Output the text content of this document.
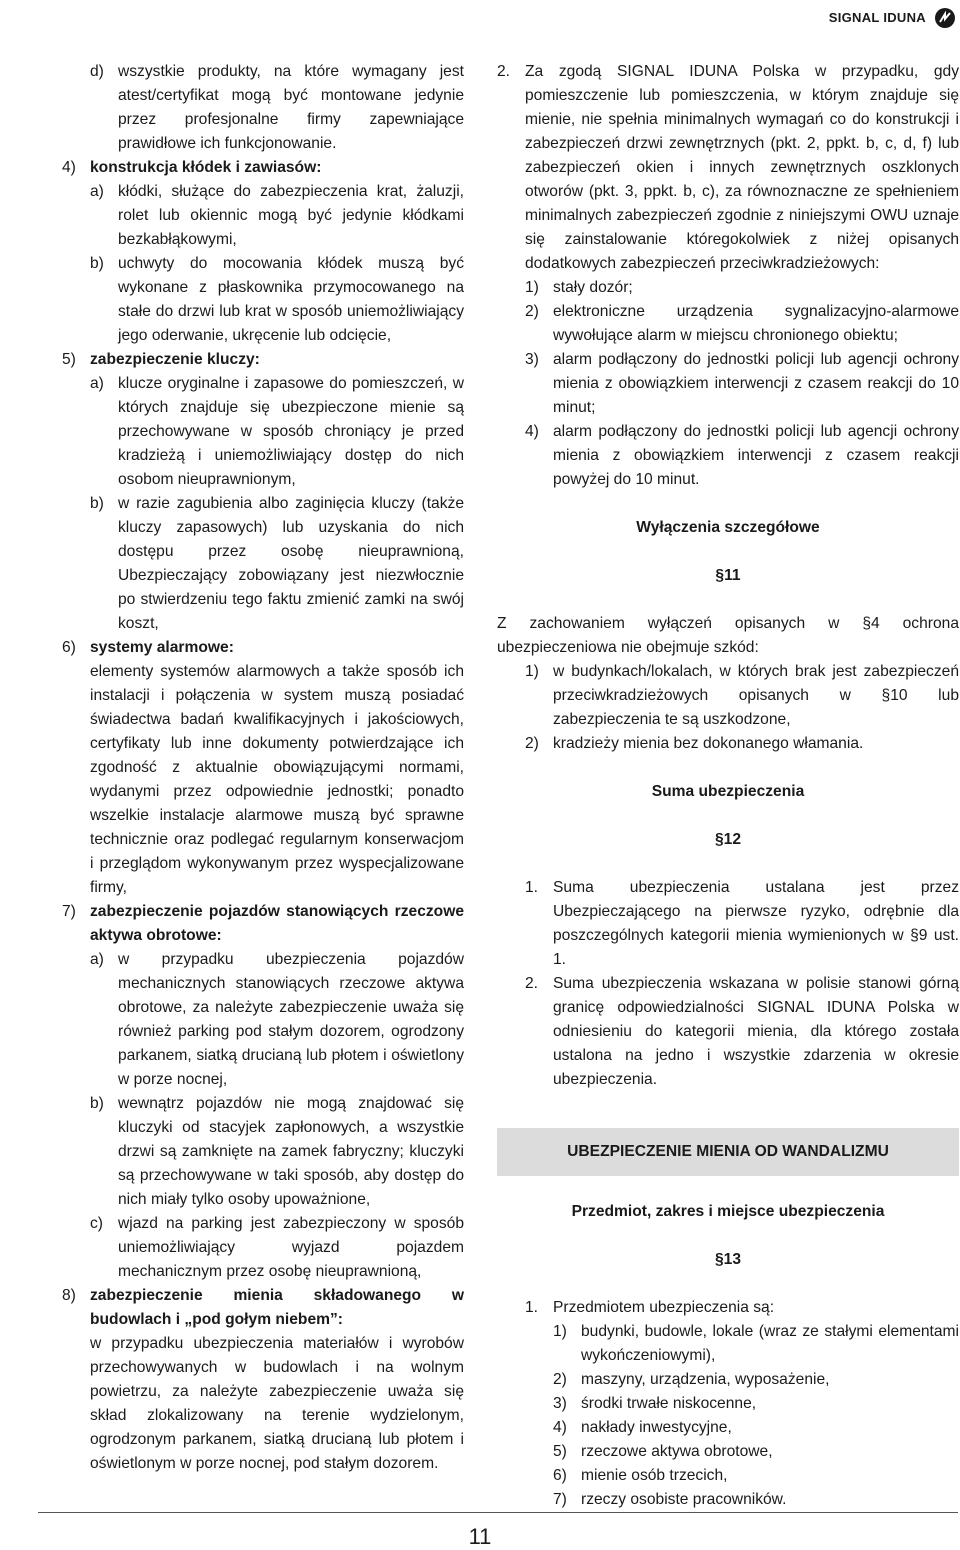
SIGNAL IDUNA
d) wszystkie produkty, na które wymagany jest atest/certyfikat mogą być montowane jedynie przez profesjonalne firmy zapewniające prawidłowe ich funkcjonowanie.
4) konstrukcja kłódek i zawiasów:
a) kłódki, służące do zabezpieczenia krat, żaluzji, rolet lub okiennic mogą być jedynie kłódkami bezkabłąkowymi,
b) uchwyty do mocowania kłódek muszą być wykonane z płaskownika przymocowanego na stałe do drzwi lub krat w sposób uniemożliwiający jego oderwanie, ukręcenie lub odcięcie,
5) zabezpieczenie kluczy:
a) klucze oryginalne i zapasowe do pomieszczeń, w których znajduje się ubezpieczone mienie są przechowywane w sposób chroniący je przed kradzieżą i uniemożliwiający dostęp do nich osobom nieuprawnionym,
b) w razie zagubienia albo zaginięcia kluczy (także kluczy zapasowych) lub uzyskania do nich dostępu przez osobę nieuprawnioną, Ubezpieczający zobowiązany jest niezwłocznie po stwierdzeniu tego faktu zmienić zamki na swój koszt,
6) systemy alarmowe:
elementy systemów alarmowych a także sposób ich instalacji i połączenia w system muszą posiadać świadectwa badań kwalifikacyjnych i jakościowych, certyfikaty lub inne dokumenty potwierdzające ich zgodność z aktualnie obowiązującymi normami, wydanymi przez odpowiednie jednostki; ponadto wszelkie instalacje alarmowe muszą być sprawne technicznie oraz podlegać regularnym konserwacjom i przeglądom wykonywanym przez wyspecjalizowane firmy,
7) zabezpieczenie pojazdów stanowiących rzeczowe aktywa obrotowe:
a) w przypadku ubezpieczenia pojazdów mechanicznych stanowiących rzeczowe aktywa obrotowe, za należyte zabezpieczenie uważa się również parking pod stałym dozorem, ogrodzony parkanem, siatką drucianą lub płotem i oświetlony w porze nocnej,
b) wewnątrz pojazdów nie mogą znajdować się kluczyki od stacyjek zapłonowych, a wszystkie drzwi są zamknięte na zamek fabryczny; kluczyki są przechowywane w taki sposób, aby dostęp do nich miały tylko osoby upoważnione,
c) wjazd na parking jest zabezpieczony w sposób uniemożliwiający wyjazd pojazdem mechanicznym przez osobę nieuprawnioną,
8) zabezpieczenie mienia składowanego w budowlach i „pod gołym niebem”:
w przypadku ubezpieczenia materiałów i wyrobów przechowywanych w budowlach i na wolnym powietrzu, za należyte zabezpieczenie uważa się skład zlokalizowany na terenie wydzielonym, ogrodzonym parkanem, siatką drucianą lub płotem i oświetlonym w porze nocnej, pod stałym dozorem.
2. Za zgodą SIGNAL IDUNA Polska w przypadku, gdy pomieszczenie lub pomieszczenia, w którym znajduje się mienie, nie spełnia minimalnych wymagań co do konstrukcji i zabezpieczeń drzwi zewnętrznych (pkt. 2, ppkt. b, c, d, f) lub zabezpieczeń okien i innych zewnętrznych oszklonych otworów (pkt. 3, ppkt. b, c), za równoznaczne ze spełnieniem minimalnych zabezpieczeń zgodnie z niniejszymi OWU uznaje się zainstalowanie któregokolwiek z niżej opisanych dodatkowych zabezpieczeń przeciwkradzieżowych:
1) stały dozór;
2) elektroniczne urządzenia sygnalizacyjno-alarmowe wywołujące alarm w miejscu chronionego obiektu;
3) alarm podłączony do jednostki policji lub agencji ochrony mienia z obowiązkiem interwencji z czasem reakcji do 10 minut;
4) alarm podłączony do jednostki policji lub agencji ochrony mienia z obowiązkiem interwencji z czasem reakcji powyżej do 10 minut.
Wyłączenia szczegółowe
§11
Z zachowaniem wyłączeń opisanych w §4 ochrona ubezpieczeniowa nie obejmuje szkód:
1) w budynkach/lokalach, w których brak jest zabezpieczeń przeciwkradzieżowych opisanych w §10 lub zabezpieczenia te są uszkodzone,
2) kradzieży mienia bez dokonanego włamania.
Suma ubezpieczenia
§12
1. Suma ubezpieczenia ustalana jest przez Ubezpieczającego na pierwsze ryzyko, odrębnie dla poszczególnych kategorii mienia wymienionych w §9 ust. 1.
2. Suma ubezpieczenia wskazana w polisie stanowi górną granicę odpowiedzialności SIGNAL IDUNA Polska w odniesieniu do kategorii mienia, dla którego została ustalona na jedno i wszystkie zdarzenia w okresie ubezpieczenia.
UBEZPIECZENIE MIENIA OD WANDALIZMU
Przedmiot, zakres i miejsce ubezpieczenia
§13
1. Przedmiotem ubezpieczenia są:
1) budynki, budowle, lokale (wraz ze stałymi elementami wykończeniowymi),
2) maszyny, urządzenia, wyposażenie,
3) środki trwałe niskocenne,
4) nakłady inwestycyjne,
5) rzeczowe aktywa obrotowe,
6) mienie osób trzecich,
7) rzeczy osobiste pracowników.
11
